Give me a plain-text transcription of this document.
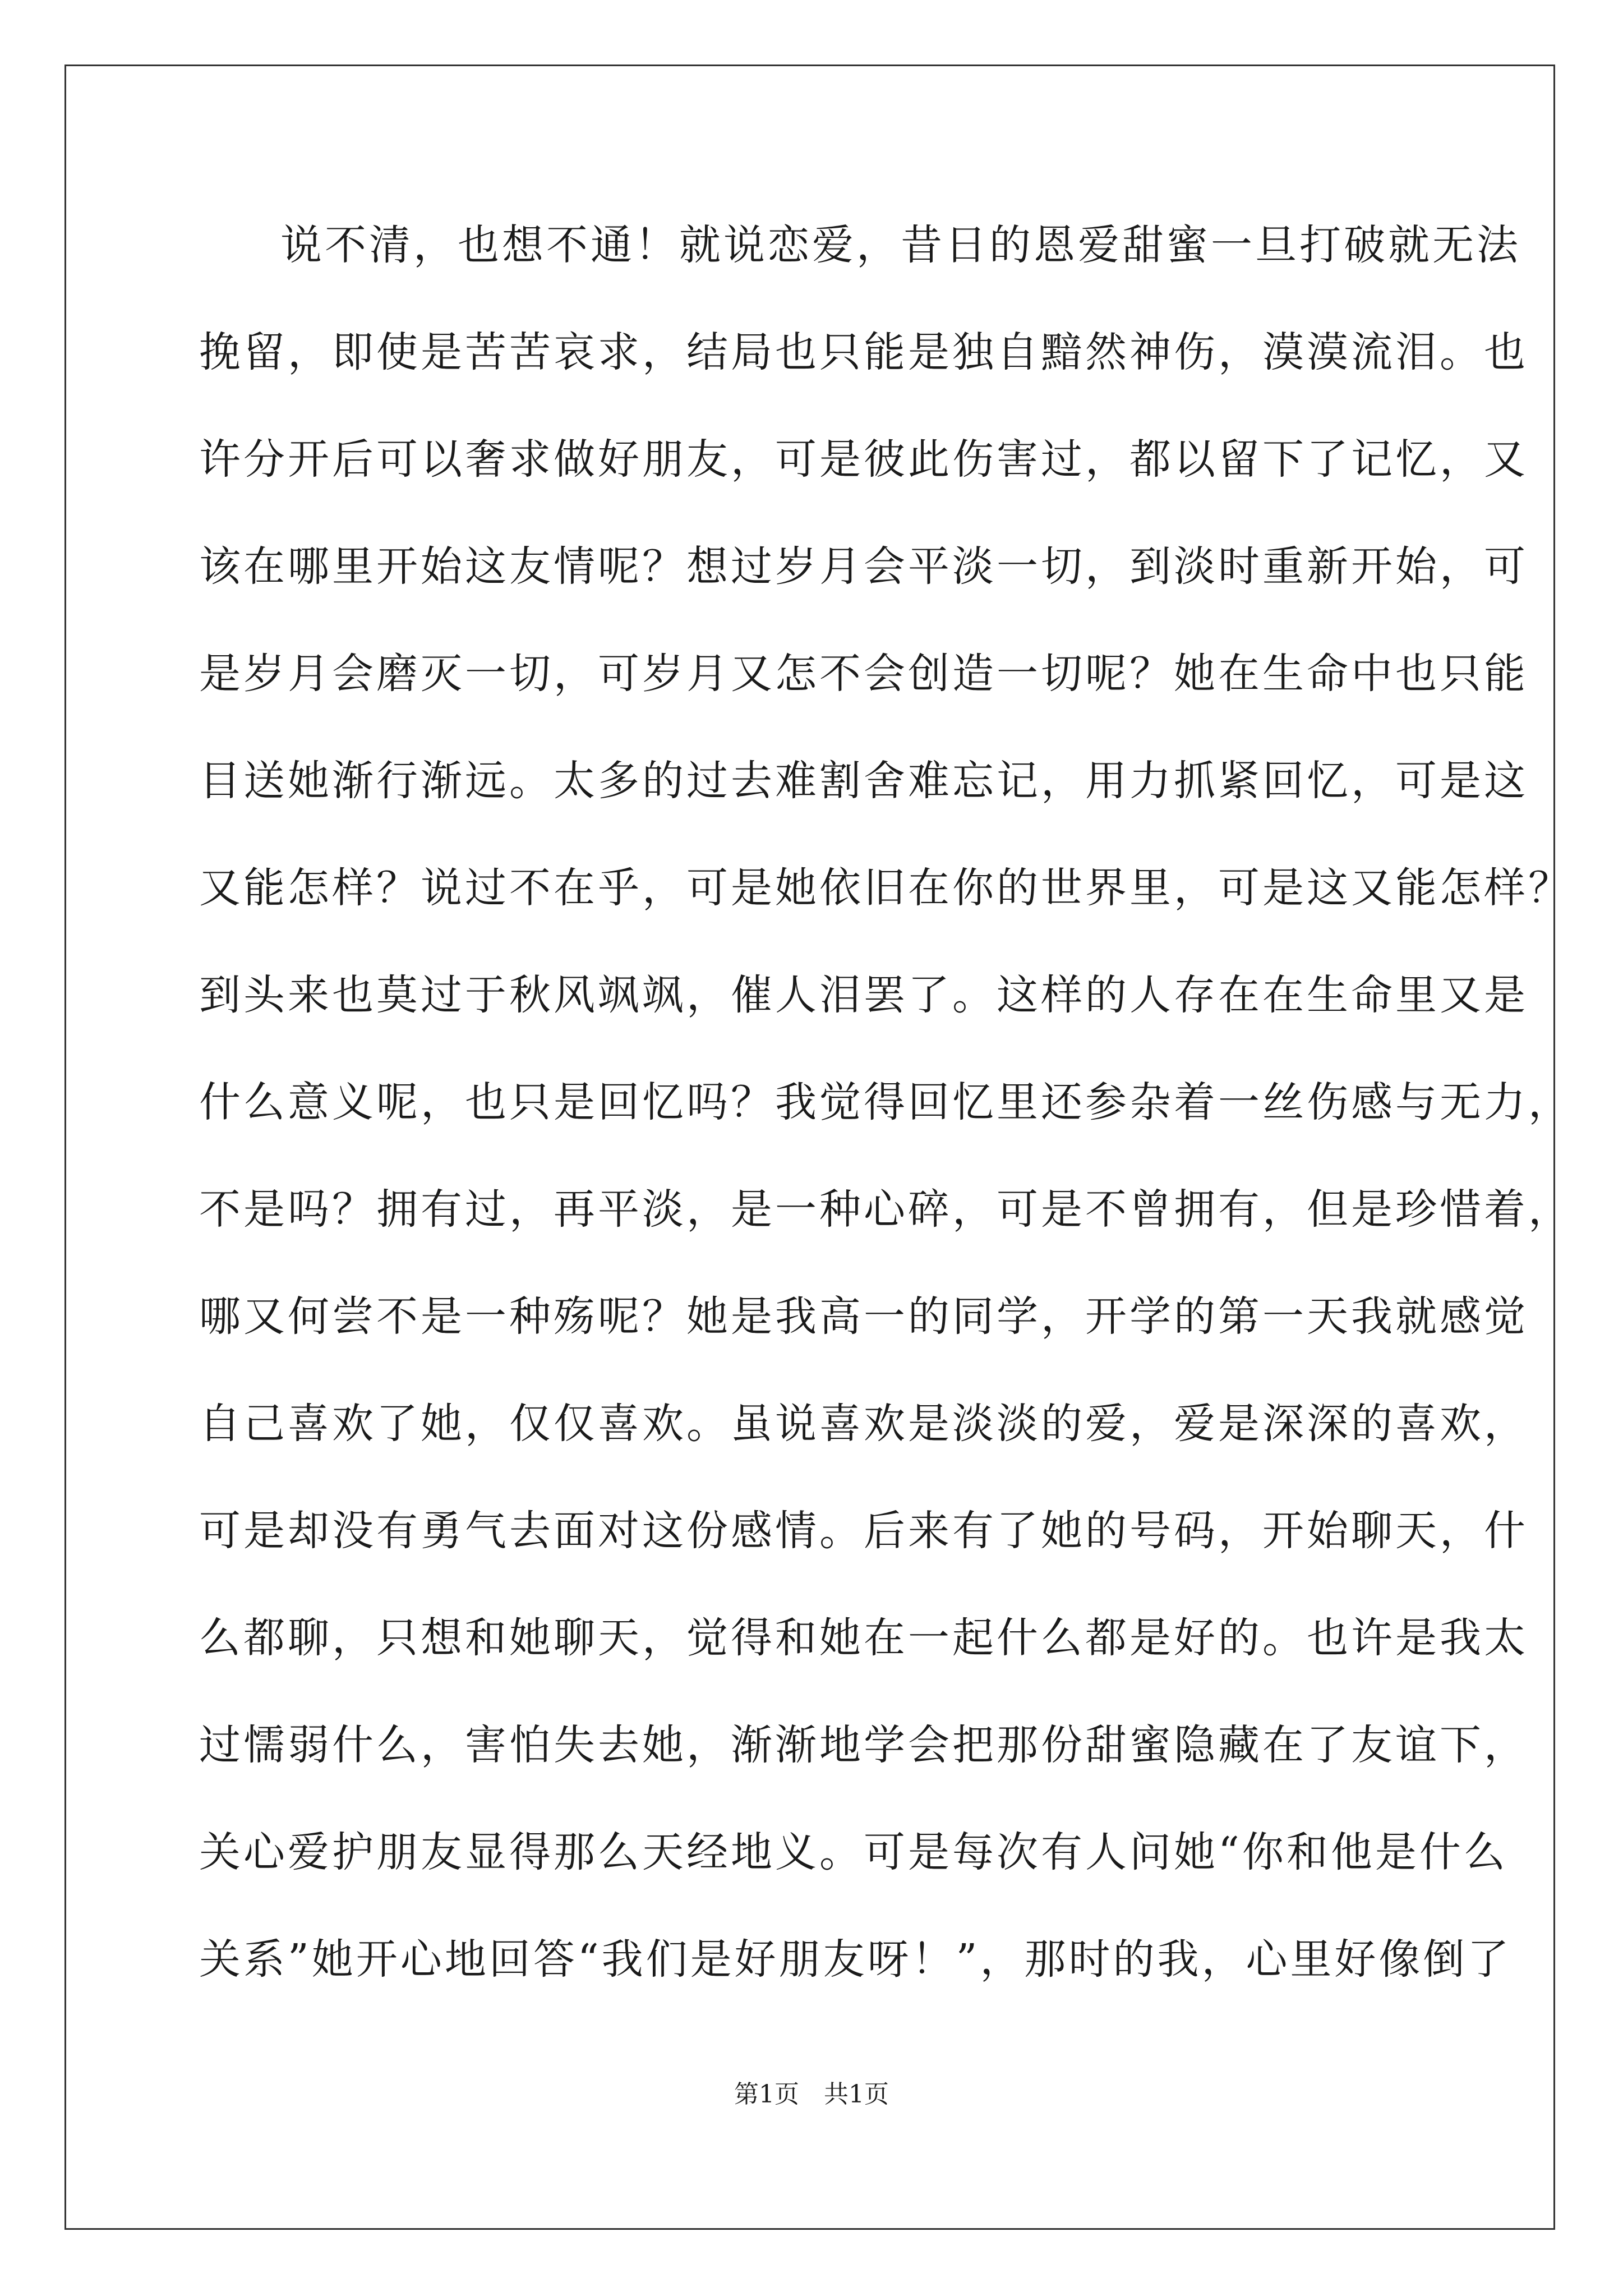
说不清，也想不通！就说恋爱，昔日的恩爱甜蜜一旦打破就无法
挽留，即使是苦苦哀求，结局也只能是独自黯然神伤，漠漠流泪。也
许分开后可以奢求做好朋友，可是彼此伤害过，都以留下了记忆，又
该在哪里开始这友情呢？想过岁月会平淡一切，到淡时重新开始，可
是岁月会磨灭一切，可岁月又怎不会创造一切呢？她在生命中也只能
目送她渐行渐远。太多的过去难割舍难忘记，用力抓紧回忆，可是这
又能怎样？说过不在乎，可是她依旧在你的世界里，可是这又能怎样？
到头来也莫过于秋风飒飒，催人泪罢了。这样的人存在在生命里又是
什么意义呢，也只是回忆吗？我觉得回忆里还参杂着一丝伤感与无力，
不是吗？拥有过，再平淡，是一种心碎，可是不曾拥有，但是珍惜着，
哪又何尝不是一种殇呢？她是我高一的同学，开学的第一天我就感觉
自己喜欢了她，仅仅喜欢。虽说喜欢是淡淡的爱，爱是深深的喜欢，
可是却没有勇气去面对这份感情。后来有了她的号码，开始聊天，什
么都聊，只想和她聊天，觉得和她在一起什么都是好的。也许是我太
过懦弱什么，害怕失去她，渐渐地学会把那份甜蜜隐藏在了友谊下，
关心爱护朋友显得那么天经地义。可是每次有人问她“你和他是什么
关系”她开心地回答“我们是好朋友呀！”，那时的我，心里好像倒了
第1页　共1页
